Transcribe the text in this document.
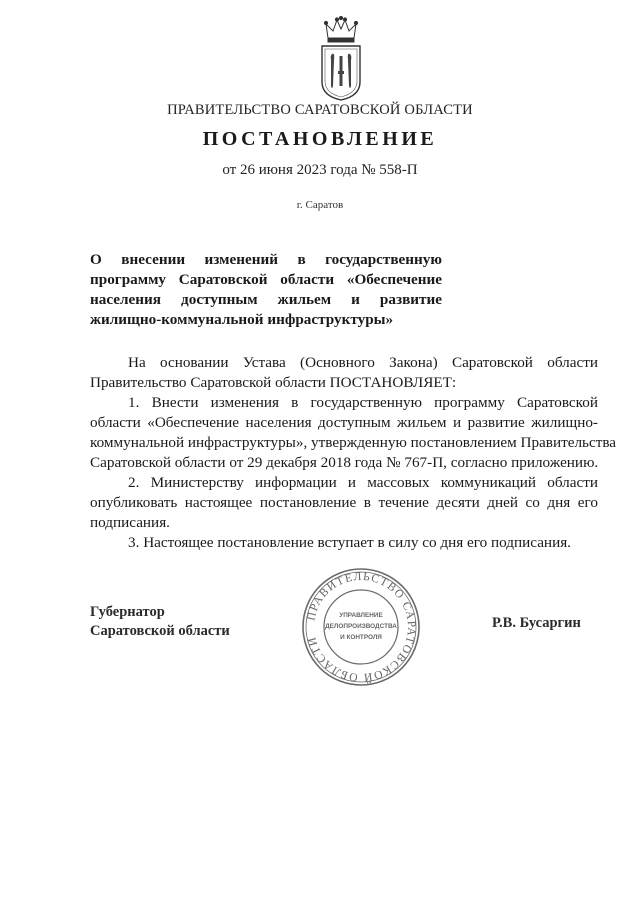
ПРАВИТЕЛЬСТВО САРАТОВСКОЙ ОБЛАСТИ
ПОСТАНОВЛЕНИЕ
от 26 июня 2023 года № 558-П
г. Саратов
О внесении изменений в государственную
программу Саратовской области «Обеспечение
населения доступным жильем и развитие
жилищно-коммунальной инфраструктуры»
На основании Устава (Основного Закона) Саратовской области
Правительство Саратовской области ПОСТАНОВЛЯЕТ:
1. Внести изменения в государственную программу Саратовской
области «Обеспечение населения доступным жильем и развитие жилищно-
коммунальной инфраструктуры», утвержденную постановлением Правительства
Саратовской области от 29 декабря 2018 года № 767-П, согласно приложению.
2. Министерству информации и массовых коммуникаций области
опубликовать настоящее постановление в течение десяти дней со дня его
подписания.
3. Настоящее постановление вступает в силу со дня его подписания.
Губернатор
Саратовской области
ПРАВИТЕЛЬСТВО САРАТОВСКОЙ ОБЛАСТИ
УПРАВЛЕНИЕ
ДЕЛОПРОИЗВОДСТВА
И КОНТРОЛЯ
Р.В. Бусаргин
